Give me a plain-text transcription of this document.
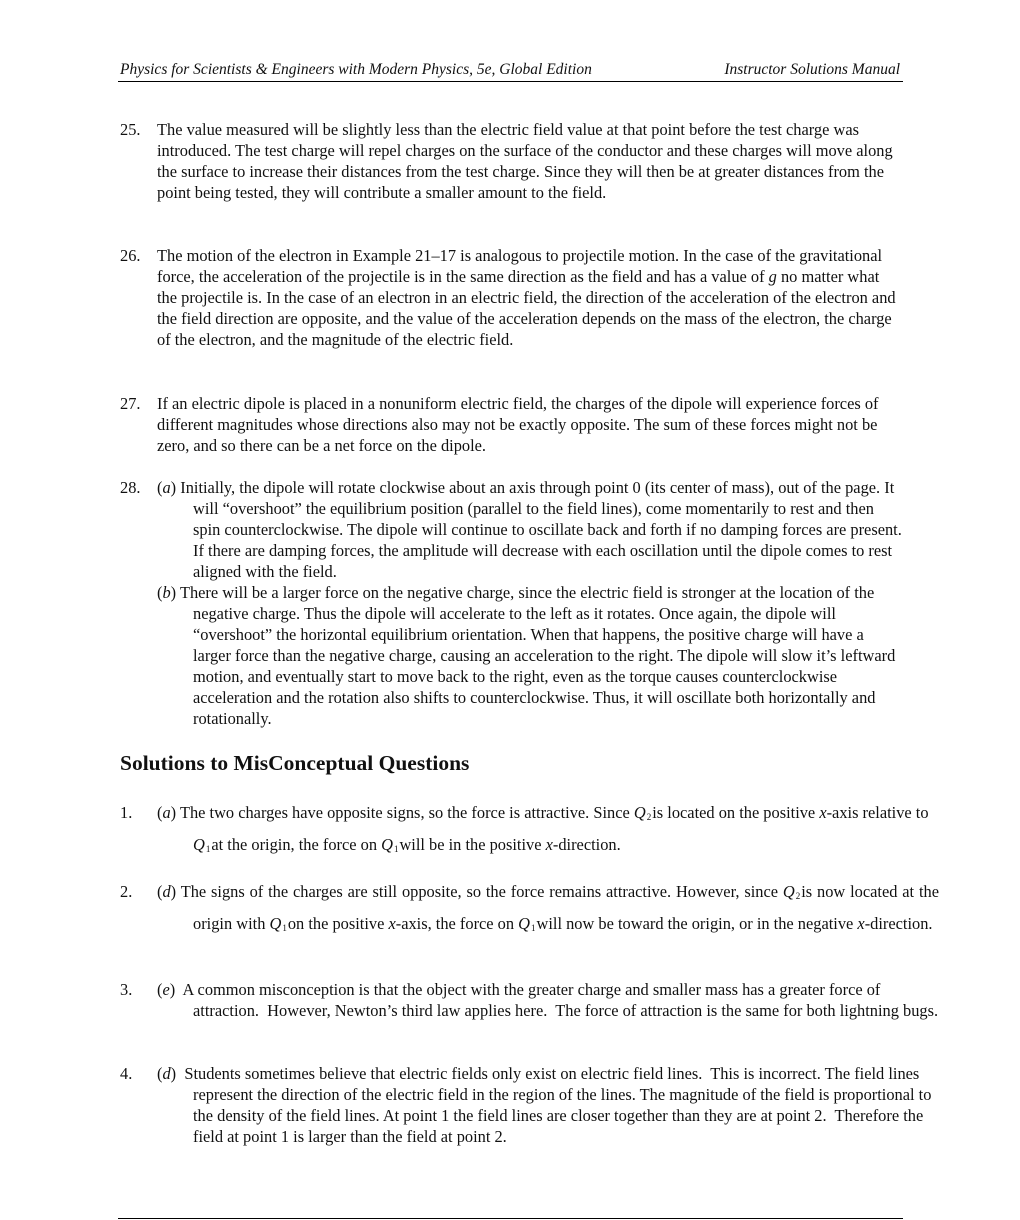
Physics for Scientists & Engineers with Modern Physics, 5e, Global Edition	Instructor Solutions Manual
25. The value measured will be slightly less than the electric field value at that point before the test charge was introduced. The test charge will repel charges on the surface of the conductor and these charges will move along the surface to increase their distances from the test charge. Since they will then be at greater distances from the point being tested, they will contribute a smaller amount to the field.
26. The motion of the electron in Example 21–17 is analogous to projectile motion. In the case of the gravitational force, the acceleration of the projectile is in the same direction as the field and has a value of g no matter what the projectile is. In the case of an electron in an electric field, the direction of the acceleration of the electron and the field direction are opposite, and the value of the acceleration depends on the mass of the electron, the charge of the electron, and the magnitude of the electric field.
27. If an electric dipole is placed in a nonuniform electric field, the charges of the dipole will experience forces of different magnitudes whose directions also may not be exactly opposite. The sum of these forces might not be zero, and so there can be a net force on the dipole.
28. (a) Initially, the dipole will rotate clockwise about an axis through point 0 (its center of mass), out of the page. It will “overshoot” the equilibrium position (parallel to the field lines), come momentarily to rest and then spin counterclockwise. The dipole will continue to oscillate back and forth if no damping forces are present. If there are damping forces, the amplitude will decrease with each oscillation until the dipole comes to rest aligned with the field.
(b) There will be a larger force on the negative charge, since the electric field is stronger at the location of the negative charge. Thus the dipole will accelerate to the left as it rotates. Once again, the dipole will “overshoot” the horizontal equilibrium orientation. When that happens, the positive charge will have a larger force than the negative charge, causing an acceleration to the right. The dipole will slow it’s leftward motion, and eventually start to move back to the right, even as the torque causes counterclockwise acceleration and the rotation also shifts to counterclockwise. Thus, it will oscillate both horizontally and rotationally.
Solutions to MisConceptual Questions
1. (a) The two charges have opposite signs, so the force is attractive. Since $Q_2is$ located on the positive x-axis relative to $Q_1at$ the origin, the force on $Q_1will$ be in the positive x-direction.
2. (d) The signs of the charges are still opposite, so the force remains attractive. However, since $Q_2is$ now located at the origin with $Q_1on$ the positive x-axis, the force on $Q_1will$ now be toward the origin, or in the negative x-direction.
3. (e)  A common misconception is that the object with the greater charge and smaller mass has a greater force of attraction.  However, Newton’s third law applies here.  The force of attraction is the same for both lightning bugs.
4. (d)  Students sometimes believe that electric fields only exist on electric field lines.  This is incorrect. The field lines represent the direction of the electric field in the region of the lines. The magnitude of the field is proportional to the density of the field lines. At point 1 the field lines are closer together than they are at point 2.  Therefore the field at point 1 is larger than the field at point 2.
